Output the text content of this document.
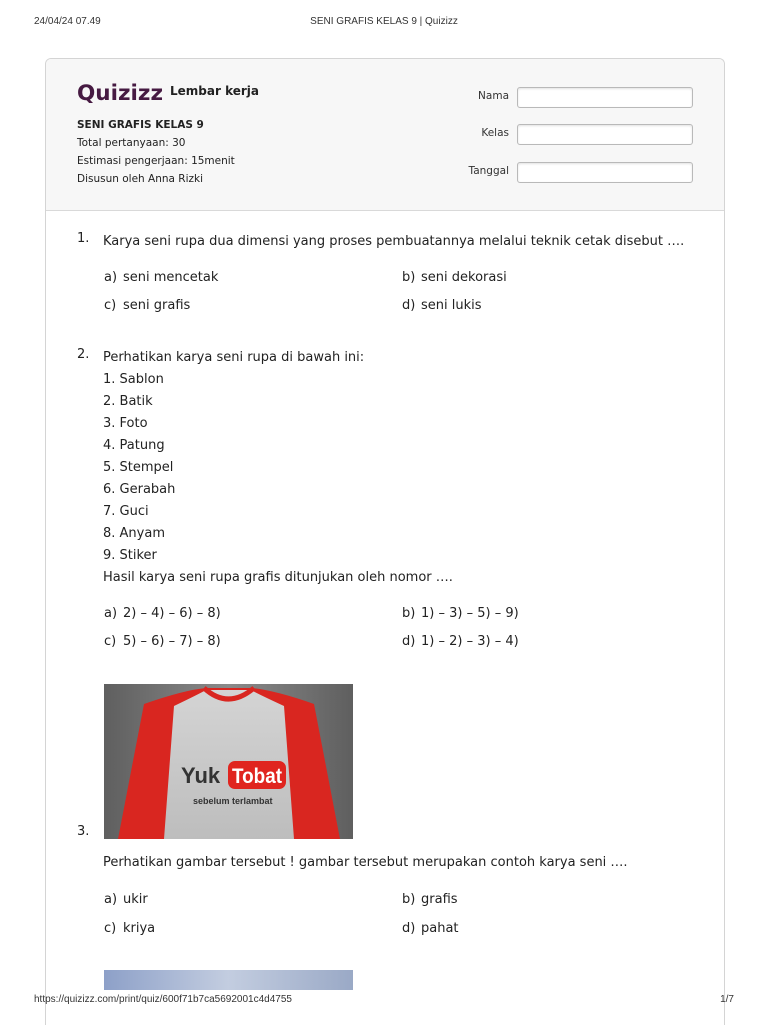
24/04/24 07.49	SENI GRAFIS KELAS 9 | Quizizz
Quizizz Lembar kerja
SENI GRAFIS KELAS 9
Total pertanyaan: 30
Estimasi pengerjaan: 15menit
Disusun oleh Anna Rizki
Nama
Kelas
Tanggal
1.	Karya seni rupa dua dimensi yang proses pembuatannya melalui teknik cetak disebut ….
a) seni mencetak	b) seni dekorasi
c) seni grafis	d) seni lukis
2.	Perhatikan karya seni rupa di bawah ini:
1. Sablon
2. Batik
3. Foto
4. Patung
5. Stempel
6. Gerabah
7. Guci
8. Anyam
9. Stiker
Hasil karya seni rupa grafis ditunjukan oleh nomor ….
a) 2) – 4) – 6) – 8)	b) 1) – 3) – 5) – 9)
c) 5) – 6) – 7) – 8)	d) 1) – 2) – 3) – 4)
Yuk Tobat
sebelum terlambat
3.
Perhatikan gambar tersebut ! gambar tersebut merupakan contoh karya seni ….
a) ukir	b) grafis
c) kriya	d) pahat
https://quizizz.com/print/quiz/600f71b7ca5692001c4d4755	1/7
